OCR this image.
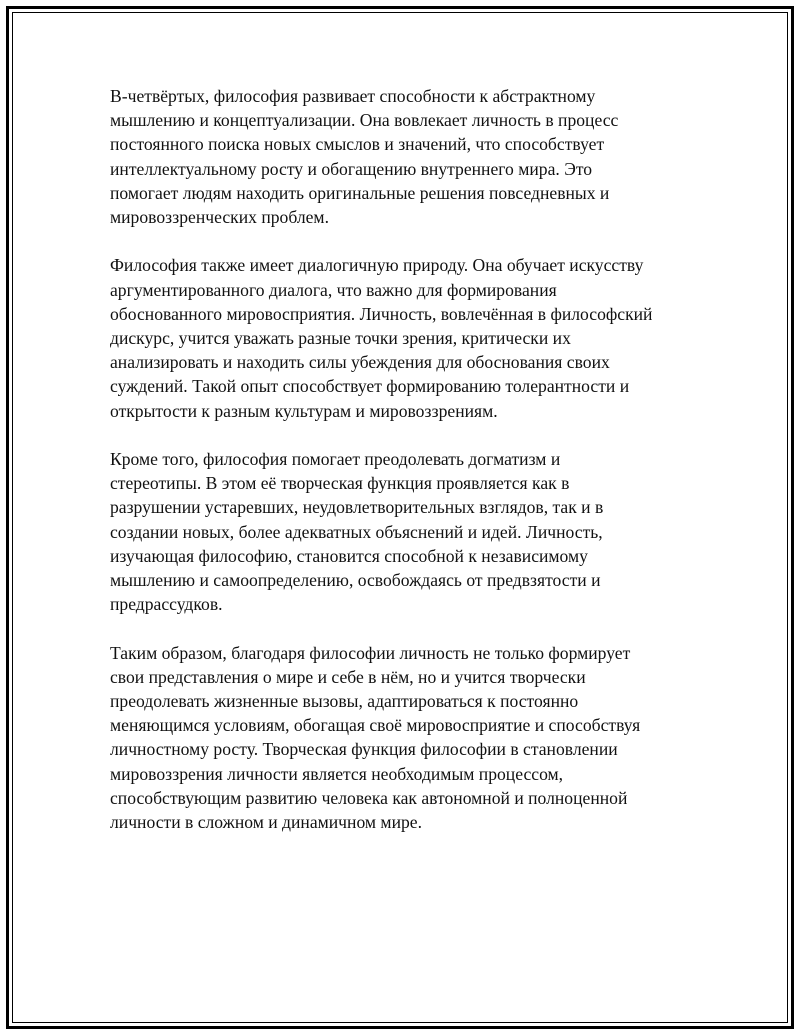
В-четвёртых, философия развивает способности к абстрактному
мышлению и концептуализации. Она вовлекает личность в процесс
постоянного поиска новых смыслов и значений, что способствует
интеллектуальному росту и обогащению внутреннего мира. Это
помогает людям находить оригинальные решения повседневных и
мировоззренческих проблем.

Философия также имеет диалогичную природу. Она обучает искусству
аргументированного диалога, что важно для формирования
обоснованного мировосприятия. Личность, вовлечённая в философский
дискурс, учится уважать разные точки зрения, критически их
анализировать и находить силы убеждения для обоснования своих
суждений. Такой опыт способствует формированию толерантности и
открытости к разным культурам и мировоззрениям.

Кроме того, философия помогает преодолевать догматизм и
стереотипы. В этом её творческая функция проявляется как в
разрушении устаревших, неудовлетворительных взглядов, так и в
создании новых, более адекватных объяснений и идей. Личность,
изучающая философию, становится способной к независимому
мышлению и самоопределению, освобождаясь от предвзятости и
предрассудков.

Таким образом, благодаря философии личность не только формирует
свои представления о мире и себе в нём, но и учится творчески
преодолевать жизненные вызовы, адаптироваться к постоянно
меняющимся условиям, обогащая своё мировосприятие и способствуя
личностному росту. Творческая функция философии в становлении
мировоззрения личности является необходимым процессом,
способствующим развитию человека как автономной и полноценной
личности в сложном и динамичном мире.
